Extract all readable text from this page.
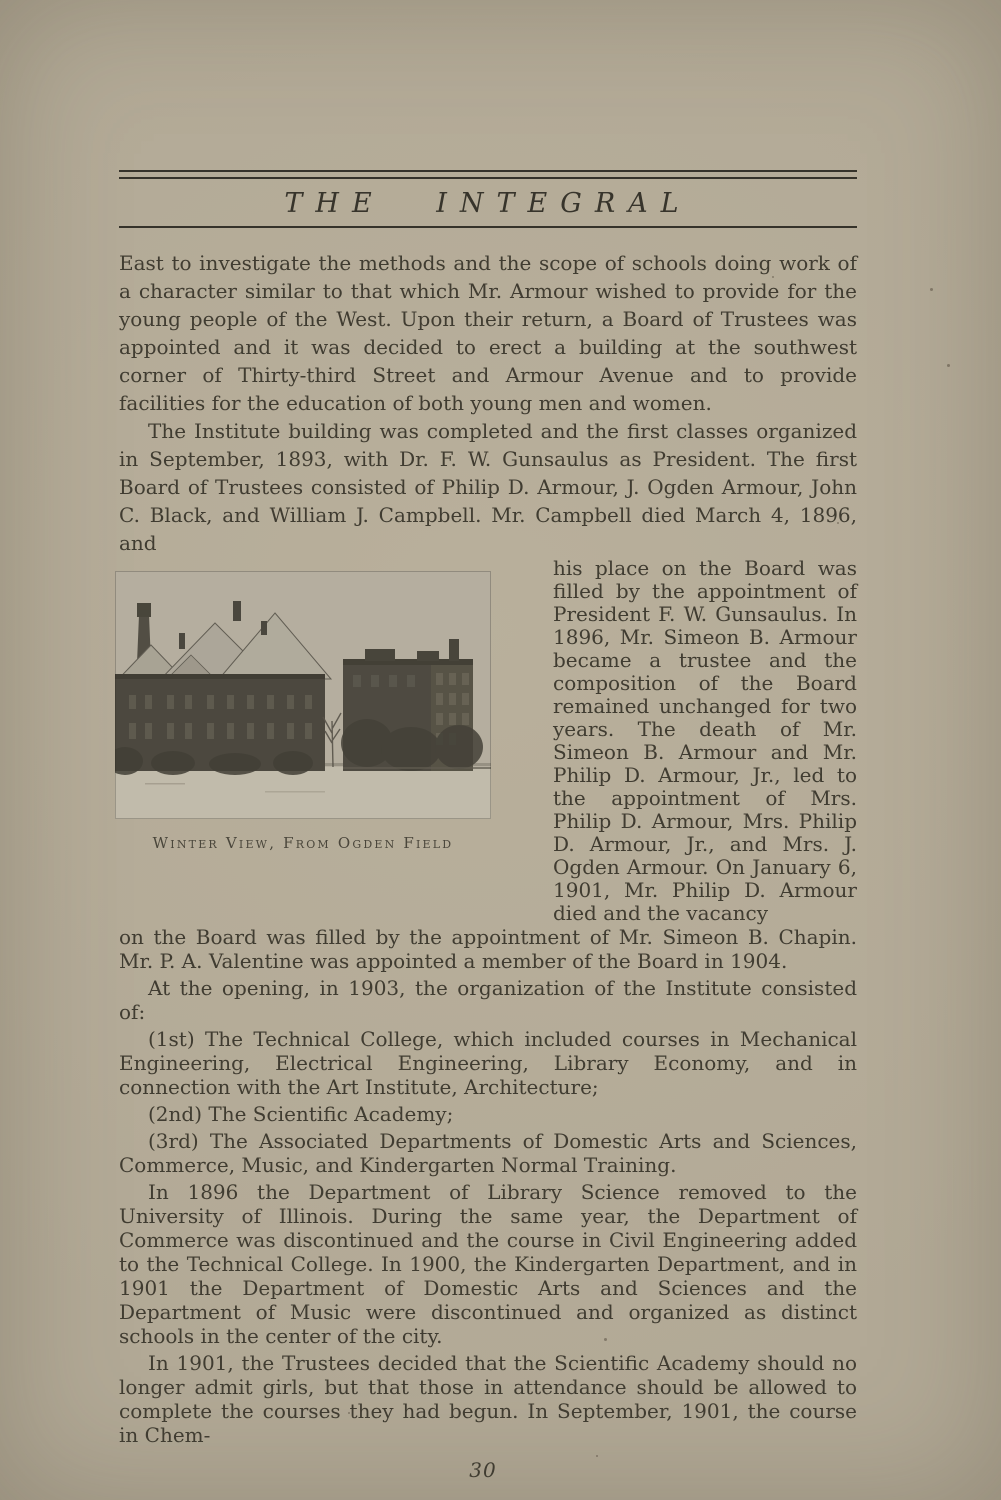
THE INTEGRAL

East to investigate the methods and the scope of schools doing work of a character similar to that which Mr. Armour wished to provide for the young people of the West. Upon their return, a Board of Trustees was appointed and it was decided to erect a building at the southwest corner of Thirty-third Street and Armour Avenue and to provide facilities for the education of both young men and women.

The Institute building was completed and the first classes organized in September, 1893, with Dr. F. W. Gunsaulus as President. The first Board of Trustees consisted of Philip D. Armour, J. Ogden Armour, John C. Black, and William J. Campbell. Mr. Campbell died March 4, 1896, and

Winter View, From Ogden Field

his place on the Board was filled by the appointment of President F. W. Gunsaulus. In 1896, Mr. Simeon B. Armour became a trustee and the composition of the Board remained unchanged for two years. The death of Mr. Simeon B. Armour and Mr. Philip D. Armour, Jr., led to the appointment of Mrs. Philip D. Armour, Mrs. Philip D. Armour, Jr., and Mrs. J. Ogden Armour. On January 6, 1901, Mr. Philip D. Armour died and the vacancy

on the Board was filled by the appointment of Mr. Simeon B. Chapin. Mr. P. A. Valentine was appointed a member of the Board in 1904.

At the opening, in 1903, the organization of the Institute consisted of:

(1st) The Technical College, which included courses in Mechanical Engineering, Electrical Engineering, Library Economy, and in connection with the Art Institute, Architecture;

(2nd) The Scientific Academy;

(3rd) The Associated Departments of Domestic Arts and Sciences, Commerce, Music, and Kindergarten Normal Training.

In 1896 the Department of Library Science removed to the University of Illinois. During the same year, the Department of Commerce was discontinued and the course in Civil Engineering added to the Technical College. In 1900, the Kindergarten Department, and in 1901 the Department of Domestic Arts and Sciences and the Department of Music were discontinued and organized as distinct schools in the center of the city.

In 1901, the Trustees decided that the Scientific Academy should no longer admit girls, but that those in attendance should be allowed to complete the courses they had begun. In September, 1901, the course in Chem-

30
